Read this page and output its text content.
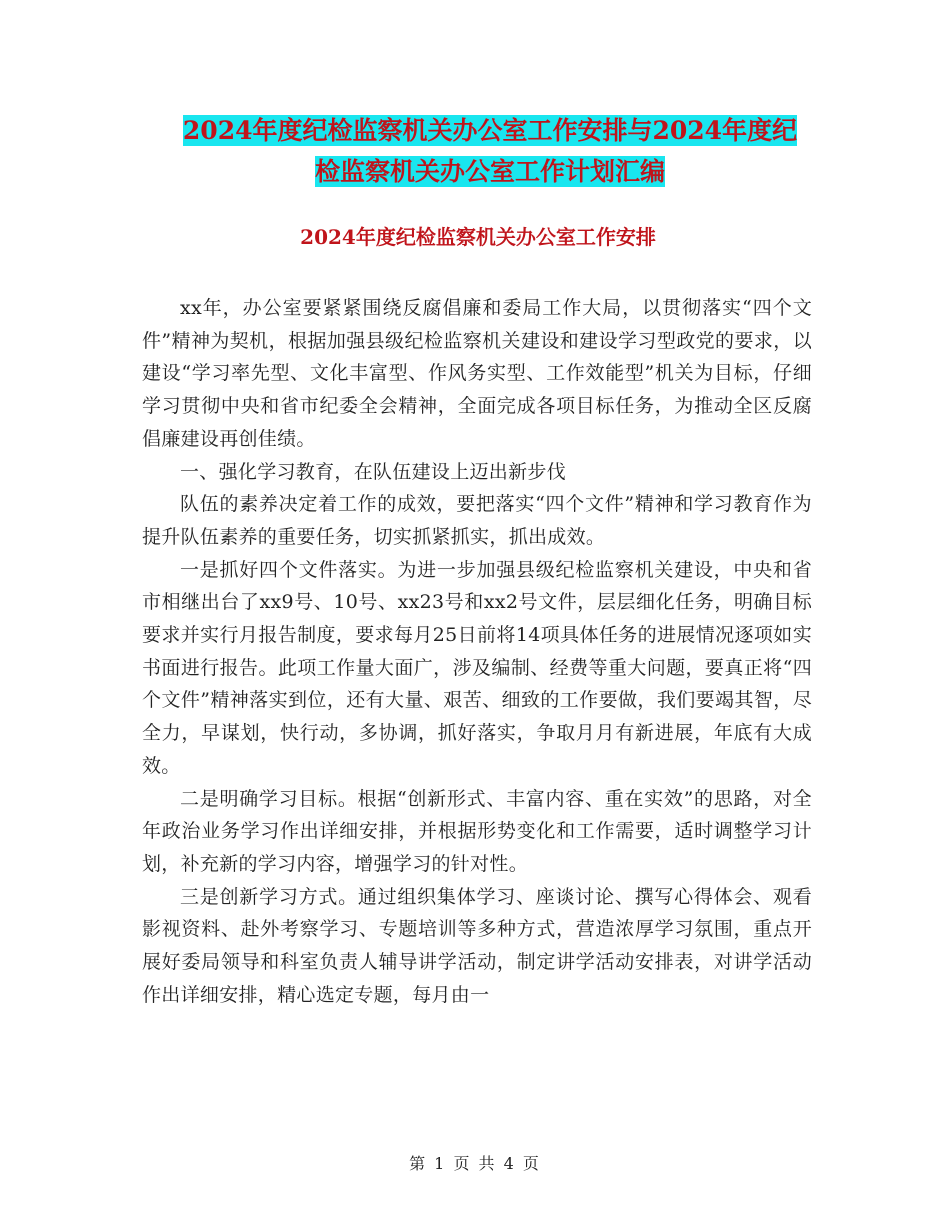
2024年度纪检监察机关办公室工作安排与2024年度纪
检监察机关办公室工作计划汇编
2024年度纪检监察机关办公室工作安排

xx年，办公室要紧紧围绕反腐倡廉和委局工作大局，以贯彻落实“四个文件”精神为契机，根据加强县级纪检监察机关建设和建设学习型政党的要求，以建设“学习率先型、文化丰富型、作风务实型、工作效能型”机关为目标，仔细学习贯彻中央和省市纪委全会精神，全面完成各项目标任务，为推动全区反腐倡廉建设再创佳绩。

一、强化学习教育，在队伍建设上迈出新步伐

队伍的素养决定着工作的成效，要把落实“四个文件”精神和学习教育作为提升队伍素养的重要任务，切实抓紧抓实，抓出成效。

一是抓好四个文件落实。为进一步加强县级纪检监察机关建设，中央和省市相继出台了xx9号、10号、xx23号和xx2号文件，层层细化任务，明确目标要求并实行月报告制度，要求每月25日前将14项具体任务的进展情况逐项如实书面进行报告。此项工作量大面广，涉及编制、经费等重大问题，要真正将“四个文件”精神落实到位，还有大量、艰苦、细致的工作要做，我们要竭其智，尽全力，早谋划，快行动，多协调，抓好落实，争取月月有新进展，年底有大成效。

二是明确学习目标。根据“创新形式、丰富内容、重在实效”的思路，对全年政治业务学习作出详细安排，并根据形势变化和工作需要，适时调整学习计划，补充新的学习内容，增强学习的针对性。

三是创新学习方式。通过组织集体学习、座谈讨论、撰写心得体会、观看影视资料、赴外考察学习、专题培训等多种方式，营造浓厚学习氛围，重点开展好委局领导和科室负责人辅导讲学活动，制定讲学活动安排表，对讲学活动作出详细安排，精心选定专题，每月由一

第 1 页 共 4 页
